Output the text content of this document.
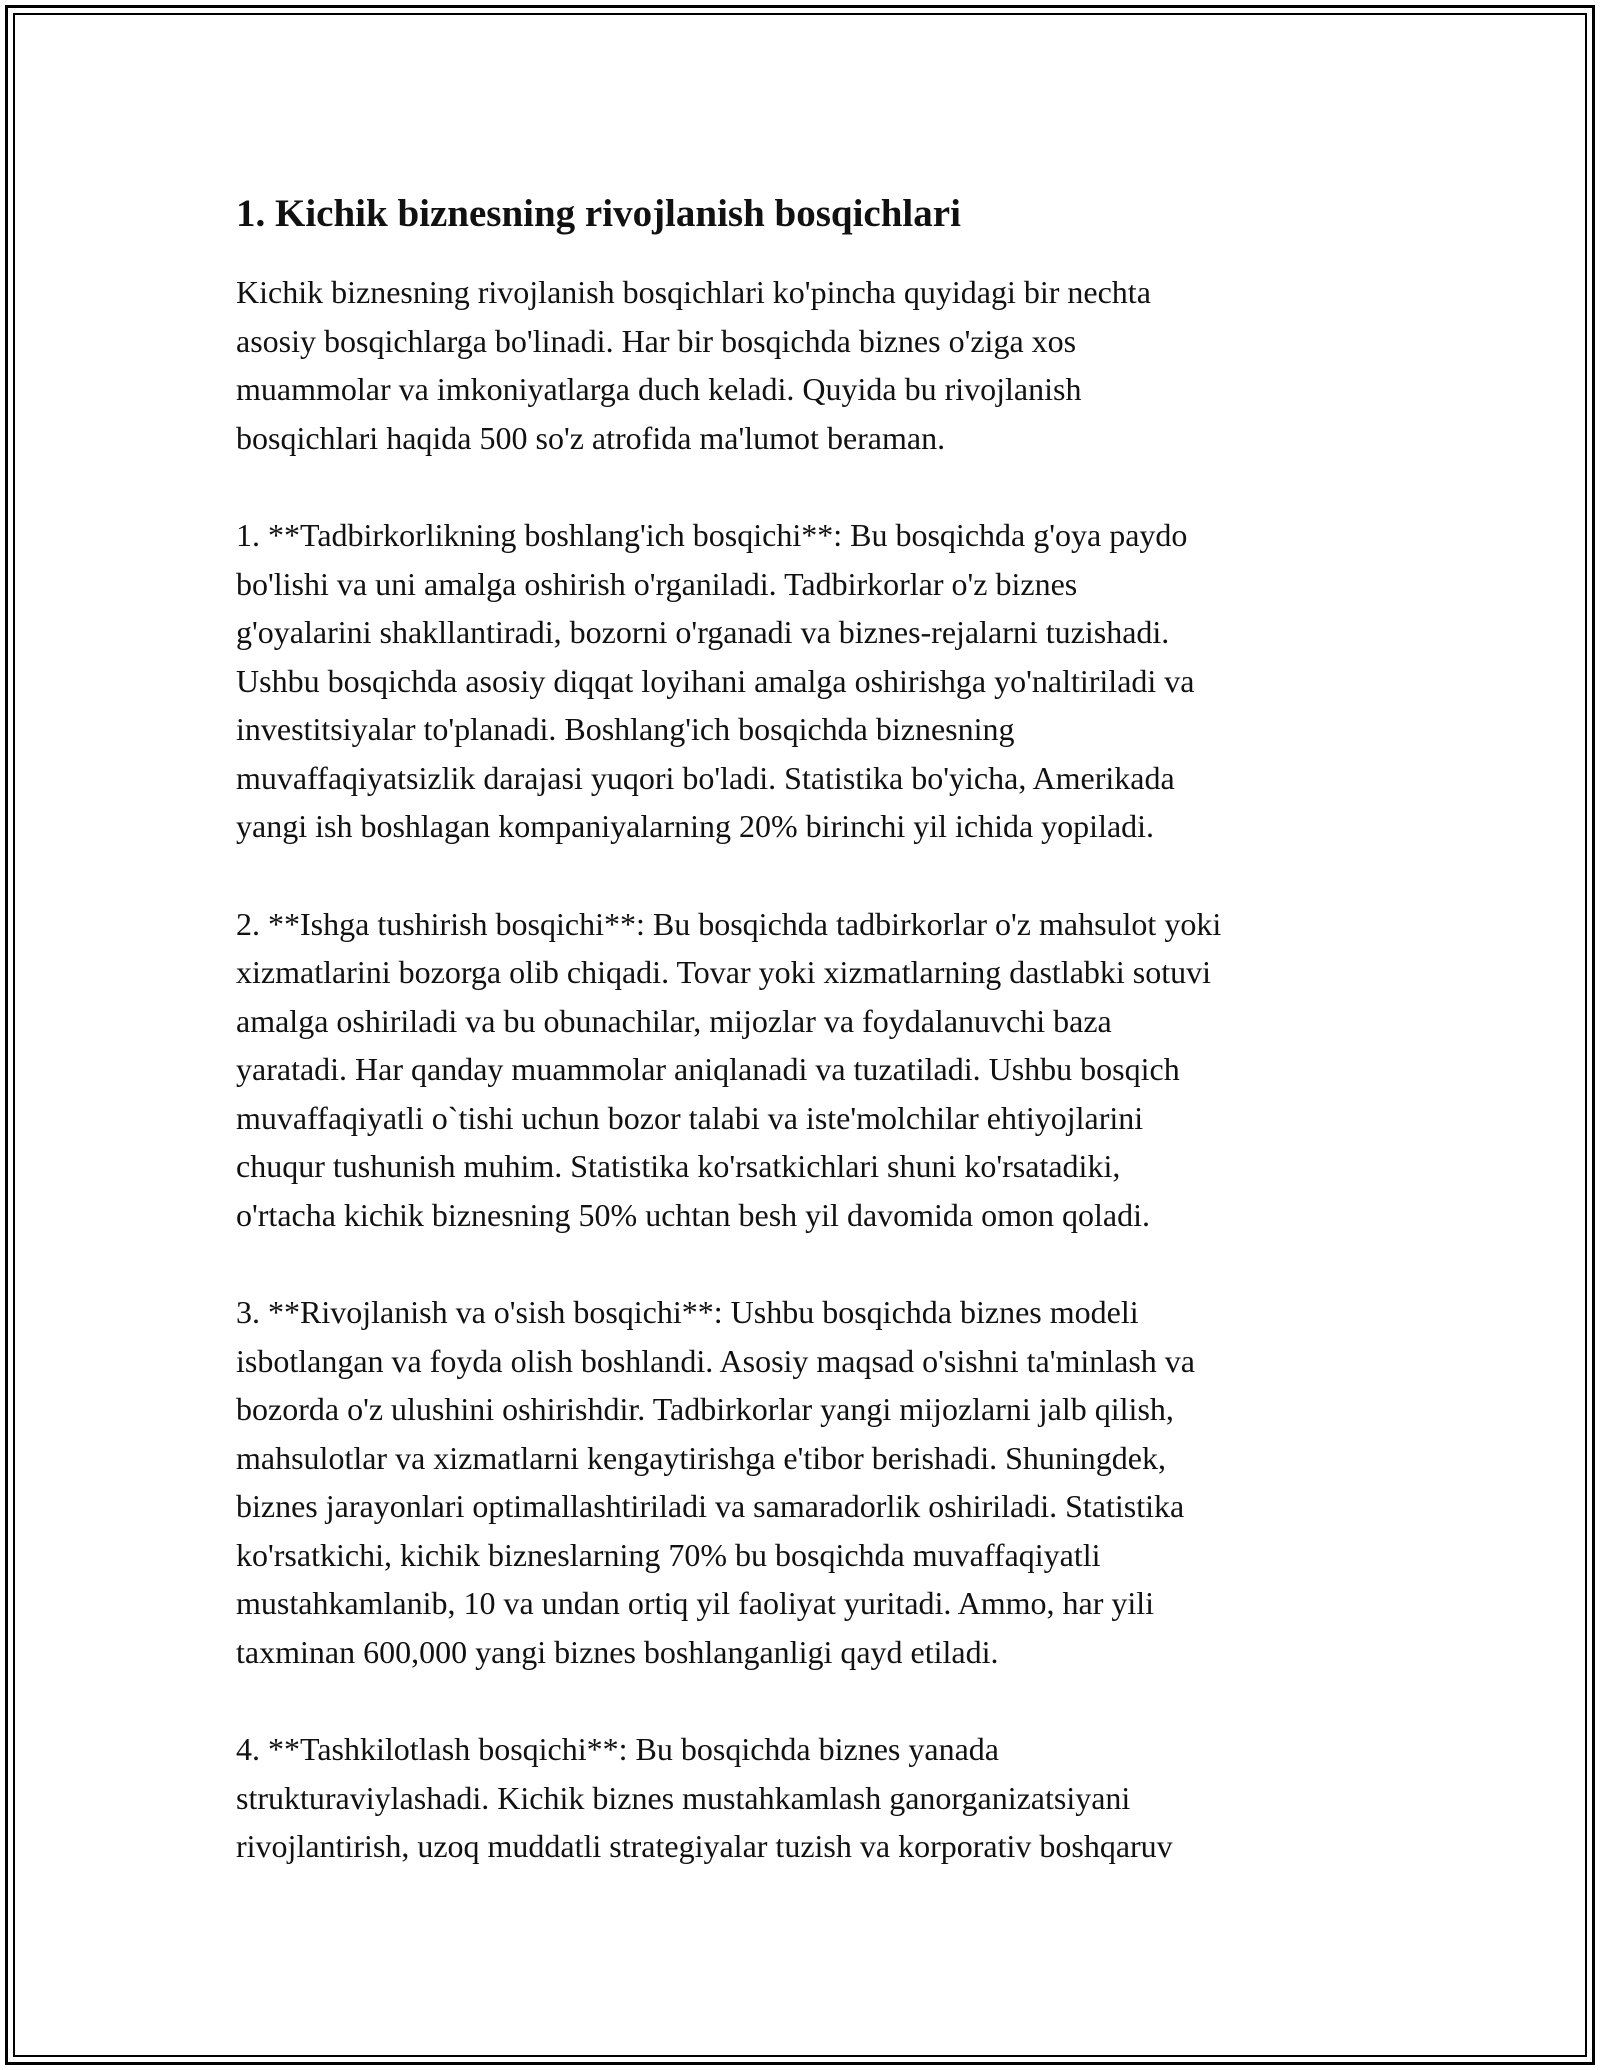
1. Kichik biznesning rivojlanish bosqichlari

Kichik biznesning rivojlanish bosqichlari ko'pincha quyidagi bir nechta
asosiy bosqichlarga bo'linadi. Har bir bosqichda biznes o'ziga xos
muammolar va imkoniyatlarga duch keladi. Quyida bu rivojlanish
bosqichlari haqida 500 so'z atrofida ma'lumot beraman.

1. **Tadbirkorlikning boshlang'ich bosqichi**: Bu bosqichda g'oya paydo
bo'lishi va uni amalga oshirish o'rganiladi. Tadbirkorlar o'z biznes
g'oyalarini shakllantiradi, bozorni o'rganadi va biznes-rejalarni tuzishadi.
Ushbu bosqichda asosiy diqqat loyihani amalga oshirishga yo'naltiriladi va
investitsiyalar to'planadi. Boshlang'ich bosqichda biznesning
muvaffaqiyatsizlik darajasi yuqori bo'ladi. Statistika bo'yicha, Amerikada
yangi ish boshlagan kompaniyalarning 20% birinchi yil ichida yopiladi.

2. **Ishga tushirish bosqichi**: Bu bosqichda tadbirkorlar o'z mahsulot yoki
xizmatlarini bozorga olib chiqadi. Tovar yoki xizmatlarning dastlabki sotuvi
amalga oshiriladi va bu obunachilar, mijozlar va foydalanuvchi baza
yaratadi. Har qanday muammolar aniqlanadi va tuzatiladi. Ushbu bosqich
muvaffaqiyatli o`tishi uchun bozor talabi va iste'molchilar ehtiyojlarini
chuqur tushunish muhim. Statistika ko'rsatkichlari shuni ko'rsatadiki,
o'rtacha kichik biznesning 50% uchtan besh yil davomida omon qoladi.

3. **Rivojlanish va o'sish bosqichi**: Ushbu bosqichda biznes modeli
isbotlangan va foyda olish boshlandi. Asosiy maqsad o'sishni ta'minlash va
bozorda o'z ulushini oshirishdir. Tadbirkorlar yangi mijozlarni jalb qilish,
mahsulotlar va xizmatlarni kengaytirishga e'tibor berishadi. Shuningdek,
biznes jarayonlari optimallashtiriladi va samaradorlik oshiriladi. Statistika
ko'rsatkichi, kichik bizneslarning 70% bu bosqichda muvaffaqiyatli
mustahkamlanib, 10 va undan ortiq yil faoliyat yuritadi. Ammo, har yili
taxminan 600,000 yangi biznes boshlanganligi qayd etiladi.

4. **Tashkilotlash bosqichi**: Bu bosqichda biznes yanada
strukturaviylashadi. Kichik biznes mustahkamlash ganorganizatsiyani
rivojlantirish, uzoq muddatli strategiyalar tuzish va korporativ boshqaruv
